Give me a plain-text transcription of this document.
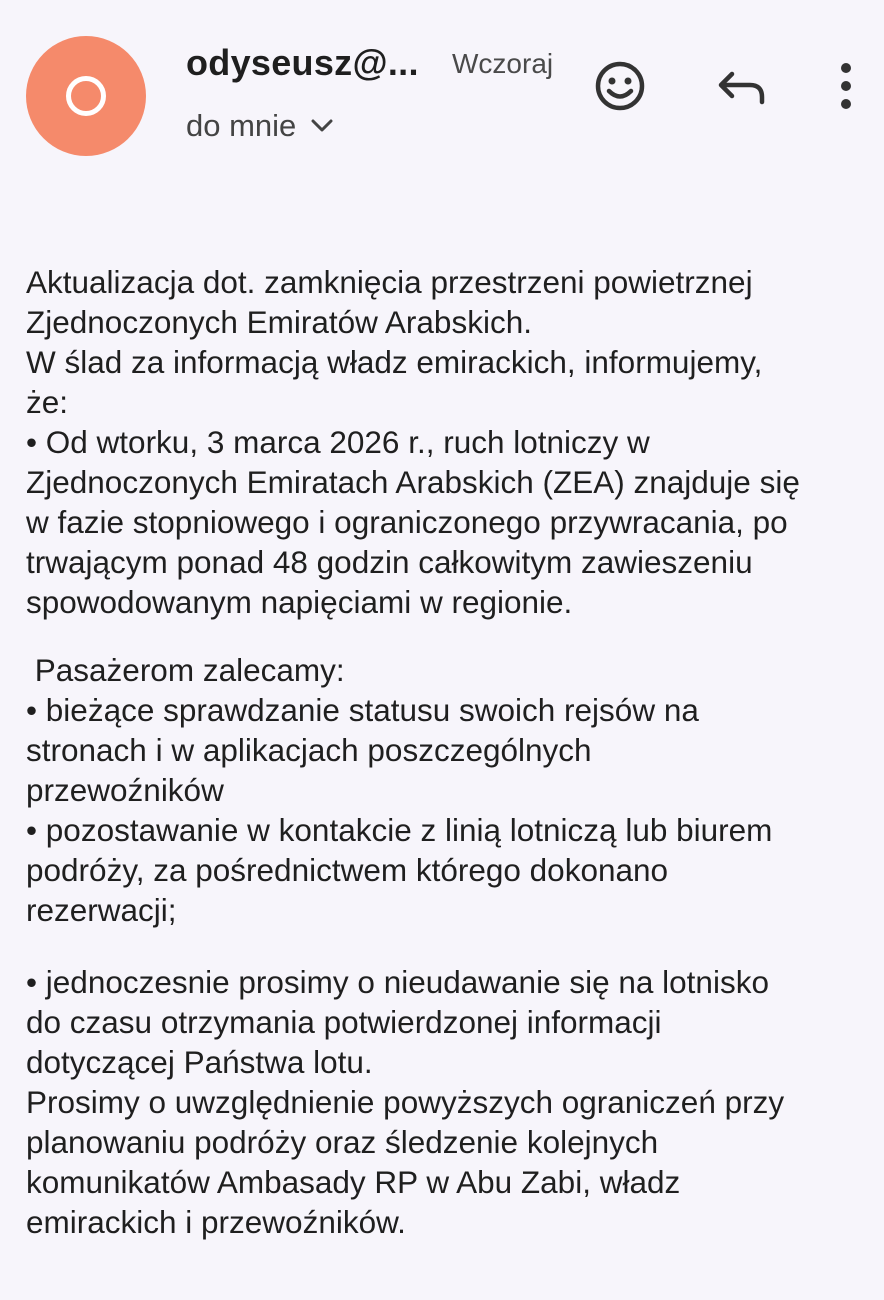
odyseusz@... Wczoraj
do mnie
Aktualizacja dot. zamknięcia przestrzeni powietrznej
Zjednoczonych Emiratów Arabskich.
W ślad za informacją władz emirackich, informujemy,
że:
• Od wtorku, 3 marca 2026 r., ruch lotniczy w
Zjednoczonych Emiratach Arabskich (ZEA) znajduje się
w fazie stopniowego i ograniczonego przywracania, po
trwającym ponad 48 godzin całkowitym zawieszeniu
spowodowanym napięciami w regionie.
Pasażerom zalecamy:
• bieżące sprawdzanie statusu swoich rejsów na
stronach i w aplikacjach poszczególnych
przewoźników
• pozostawanie w kontakcie z linią lotniczą lub biurem
podróży, za pośrednictwem którego dokonano
rezerwacji;
• jednoczesnie prosimy o nieudawanie się na lotnisko
do czasu otrzymania potwierdzonej informacji
dotyczącej Państwa lotu.
Prosimy o uwzględnienie powyższych ograniczeń przy
planowaniu podróży oraz śledzenie kolejnych
komunikatów Ambasady RP w Abu Zabi, władz
emirackich i przewoźników.
